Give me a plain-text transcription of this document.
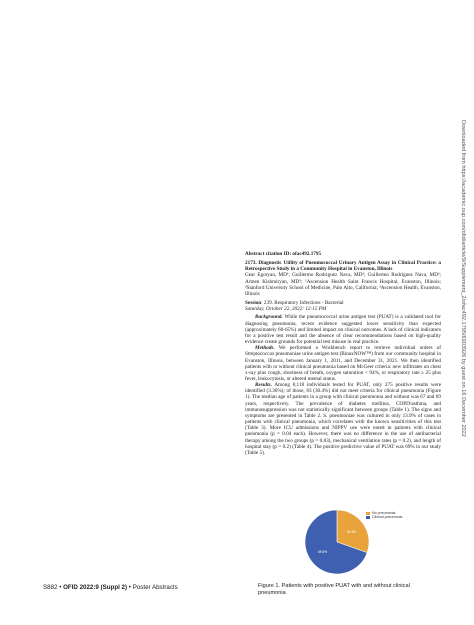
Downloaded from https://academic.oup.com/ofid/article/9/Supplement_2/ofac492.1795/6903926 by guest on 16 December 2022

Abstract citation ID: ofac492.1795

2173. Diagnostic Utility of Pneumococcal Urinary Antigen Assay in Clinical Practice: a Retrospective Study in a Community Hospital in Evanston, Illinois

Gear Egoryan, MD¹; Guillermo Rodriguez Nava, MD²; Guillermo Rodriguez Nava, MD²; Armen Kishmiryan, MD³; ¹Ascension Health Saint Francis Hospital, Evanston, Illinois; ²Stanford University School of Medicine, Palo Alto, California; ³Ascension Health, Evanston, Illinois

Session: 239. Respiratory Infections - Bacterial

Saturday, October 22, 2022: 12:15 PM

Background. While the pneumococcal urine antigen test (PUAT) is a validated tool for diagnosing pneumonia, recent evidence suggested lower sensitivity than expected (approximately 60-65%) and limited impact on clinical outcomes. A lack of clinical indicators for a positive test result and the absence of clear recommendations based on high-quality evidence create grounds for potential test misuse in real practice.

Methods. We performed a Workbench report to retrieve individual orders of Streptococcus pneumoniae urine antigen test (BinaxNOW™) from our community hospital in Evanston, Illinois, between January 1, 2011, and December 31, 2021. We then identified patients with or without clinical pneumonia based on McGeer criteria: new infiltrates on chest x-ray plus cough, shortness of breath, oxygen saturation < 94%, or respiratory rate ≥ 25 plus fever, leukocytosis, or altered mental status.

Results. Among 8,118 individuals tested for PUAT, only 275 positive results were identified (3.36%); of those, 83 (30.4%) did not meet criteria for clinical pneumonia (Figure 1). The median age of patients in a group with clinical pneumonia and without was 67 and 69 years, respectively. The prevalence of diabetes mellitus, COPD/asthma, and immunosuppression was not statistically significant between groups (Table 1). The signs and symptoms are presented in Table 2. S. pneumoniae was cultured in only 13.9% of cases in patients with clinical pneumonia, which correlates with the known sensitivities of this test (Table 3). More ICU admissions and NIPPV use were noted in patients with clinical pneumonia (p = 0.04 each). However, there was no difference in the use of antibacterial therapy among the two groups (p = 0.83), mechanical ventilation rates (p = 0.2), and length of hospital stay (p = 0.2) (Table 4). The positive predictive value of PUAT was 69% in our study (Table 5).

30.4%
69.6%
No pneumonia
Clinical pneumonia
Figure 1. Patients with positive PUAT with and without clinical pneumonia
S882 • OFID 2022:9 (Suppl 2) • Poster Abstracts
